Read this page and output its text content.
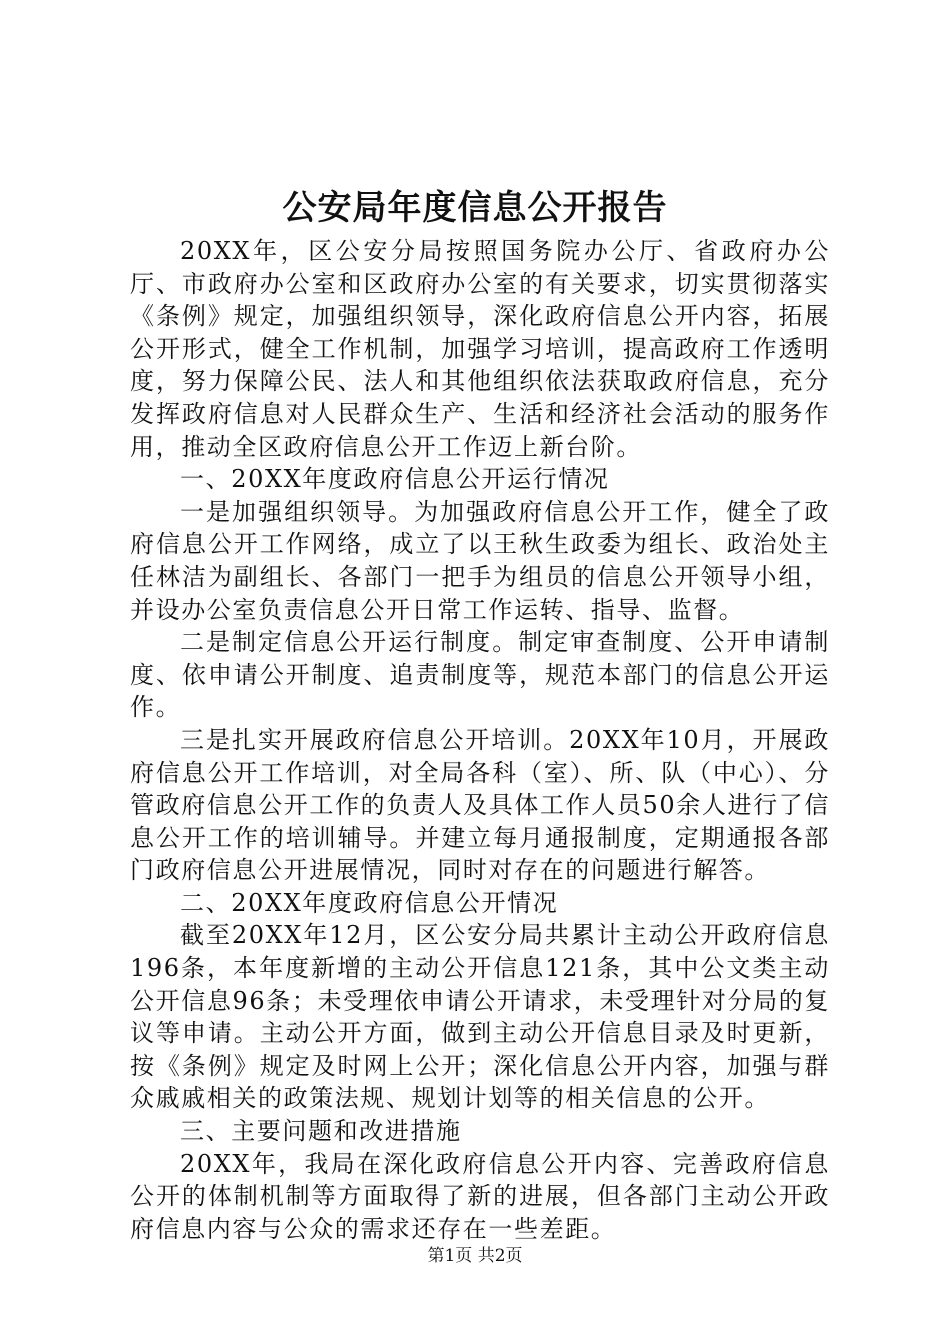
公安局年度信息公开报告

20XX年，区公安分局按照国务院办公厅、省政府办公厅、市政府办公室和区政府办公室的有关要求，切实贯彻落实《条例》规定，加强组织领导，深化政府信息公开内容，拓展公开形式，健全工作机制，加强学习培训，提高政府工作透明度，努力保障公民、法人和其他组织依法获取政府信息，充分发挥政府信息对人民群众生产、生活和经济社会活动的服务作用，推动全区政府信息公开工作迈上新台阶。

一、20XX年度政府信息公开运行情况

一是加强组织领导。为加强政府信息公开工作，健全了政府信息公开工作网络，成立了以王秋生政委为组长、政治处主任林洁为副组长、各部门一把手为组员的信息公开领导小组，并设办公室负责信息公开日常工作运转、指导、监督。

二是制定信息公开运行制度。制定审查制度、公开申请制度、依申请公开制度、追责制度等，规范本部门的信息公开运作。

三是扎实开展政府信息公开培训。20XX年10月，开展政府信息公开工作培训，对全局各科（室）、所、队（中心）、分管政府信息公开工作的负责人及具体工作人员50余人进行了信息公开工作的培训辅导。并建立每月通报制度，定期通报各部门政府信息公开进展情况，同时对存在的问题进行解答。

二、20XX年度政府信息公开情况

截至20XX年12月，区公安分局共累计主动公开政府信息196条，本年度新增的主动公开信息121条，其中公文类主动公开信息96条；未受理依申请公开请求，未受理针对分局的复议等申请。主动公开方面，做到主动公开信息目录及时更新，按《条例》规定及时网上公开；深化信息公开内容，加强与群众戚戚相关的政策法规、规划计划等的相关信息的公开。

三、主要问题和改进措施

20XX年，我局在深化政府信息公开内容、完善政府信息公开的体制机制等方面取得了新的进展，但各部门主动公开政府信息内容与公众的需求还存在一些差距。

第1页 共2页
